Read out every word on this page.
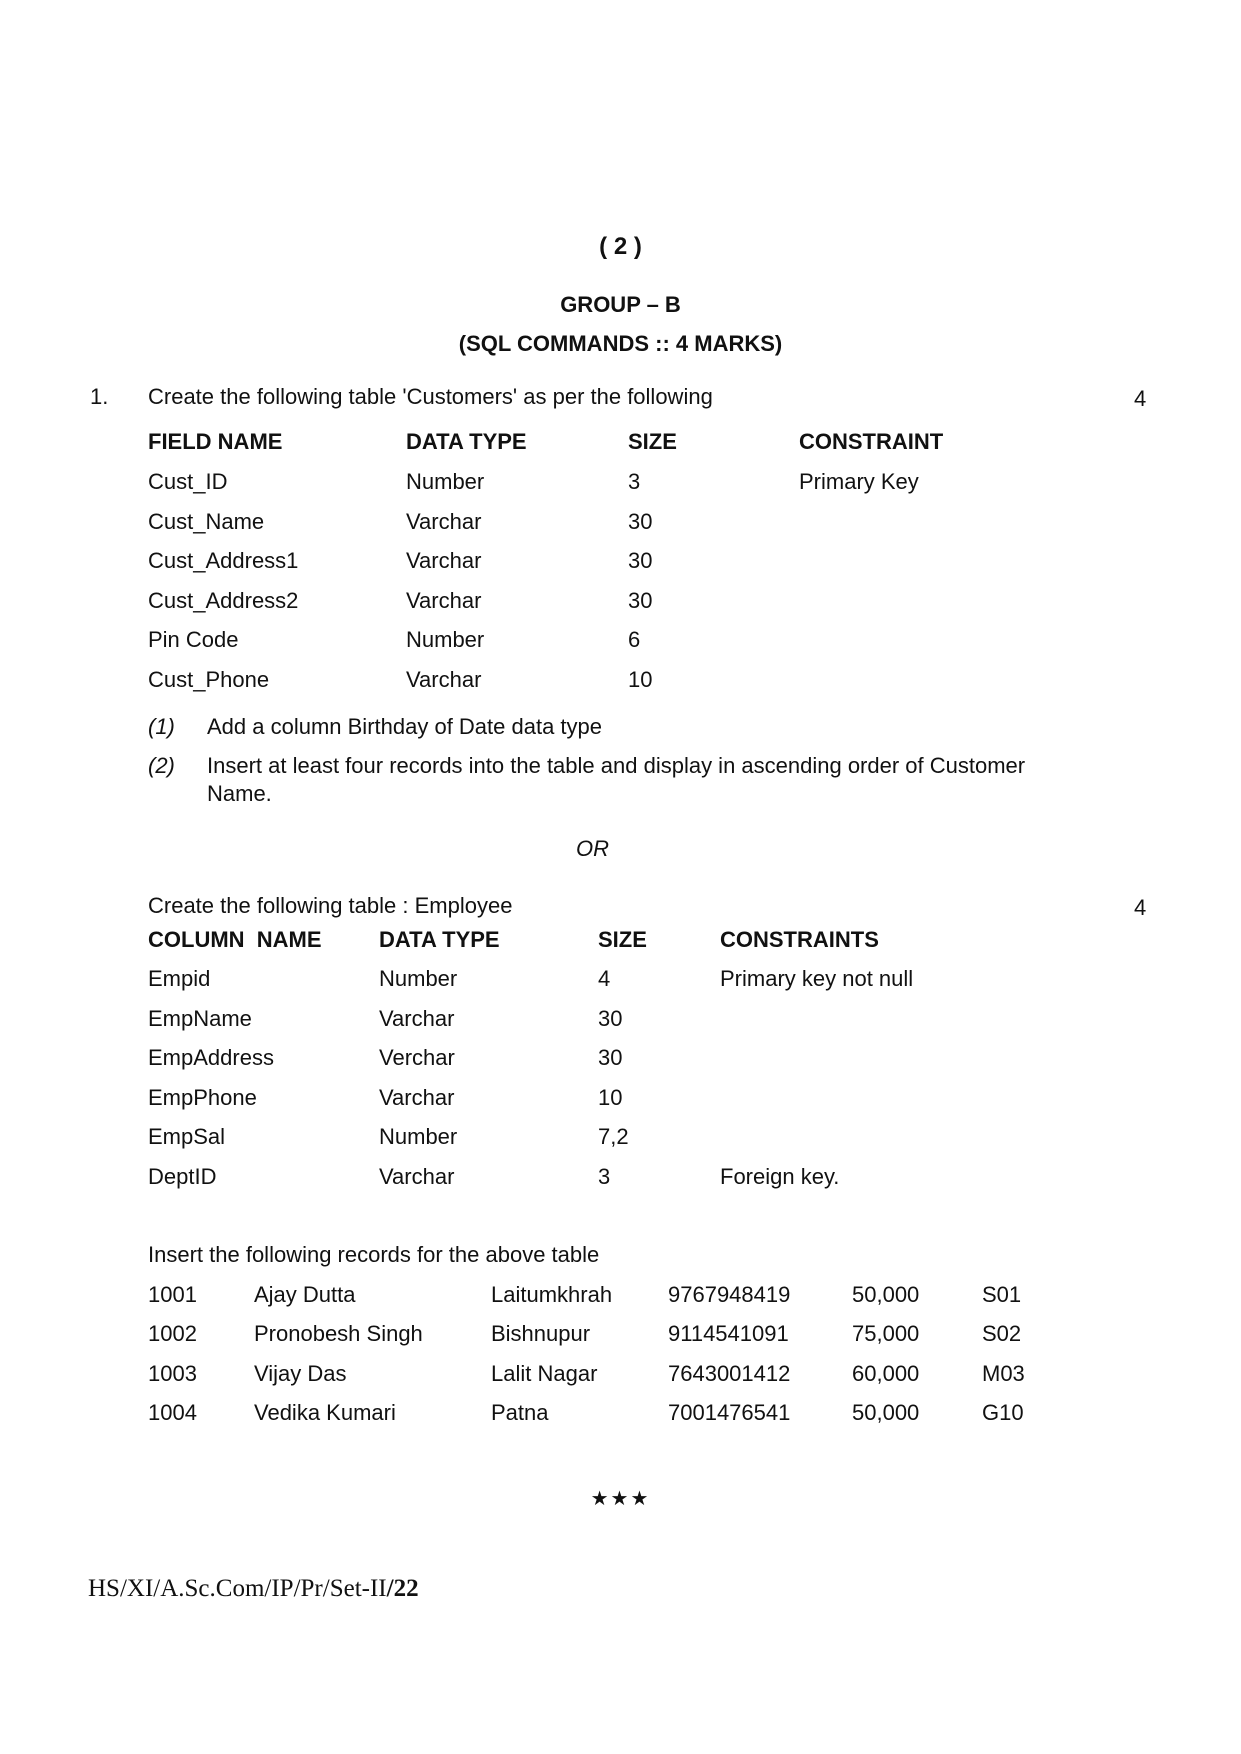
( 2 )
GROUP – B
(SQL COMMANDS :: 4 MARKS)
1. Create the following table 'Customers' as per the following	4
FIELD NAME	DATA TYPE	SIZE	CONSTRAINT
Cust_ID	Number	3	Primary Key
Cust_Name	Varchar	30
Cust_Address1	Varchar	30
Cust_Address2	Varchar	30
Pin Code	Number	6
Cust_Phone	Varchar	10
(1) Add a column Birthday of Date data type
(2) Insert at least four records into the table and display in ascending order of Customer
Name.
OR
Create the following table : Employee	4
COLUMN  NAME	DATA TYPE	SIZE	CONSTRAINTS
Empid	Number	4	Primary key not null
EmpName	Varchar	30
EmpAddress	Verchar	30
EmpPhone	Varchar	10
EmpSal	Number	7,2
DeptID	Varchar	3	Foreign key.
Insert the following records for the above table
1001	Ajay Dutta	Laitumkhrah	9767948419	50,000	S01
1002	Pronobesh Singh	Bishnupur	9114541091	75,000	S02
1003	Vijay Das	Lalit Nagar	7643001412	60,000	M03
1004	Vedika Kumari	Patna	7001476541	50,000	G10
★★★
HS/XI/A.Sc.Com/IP/Pr/Set-II/22
